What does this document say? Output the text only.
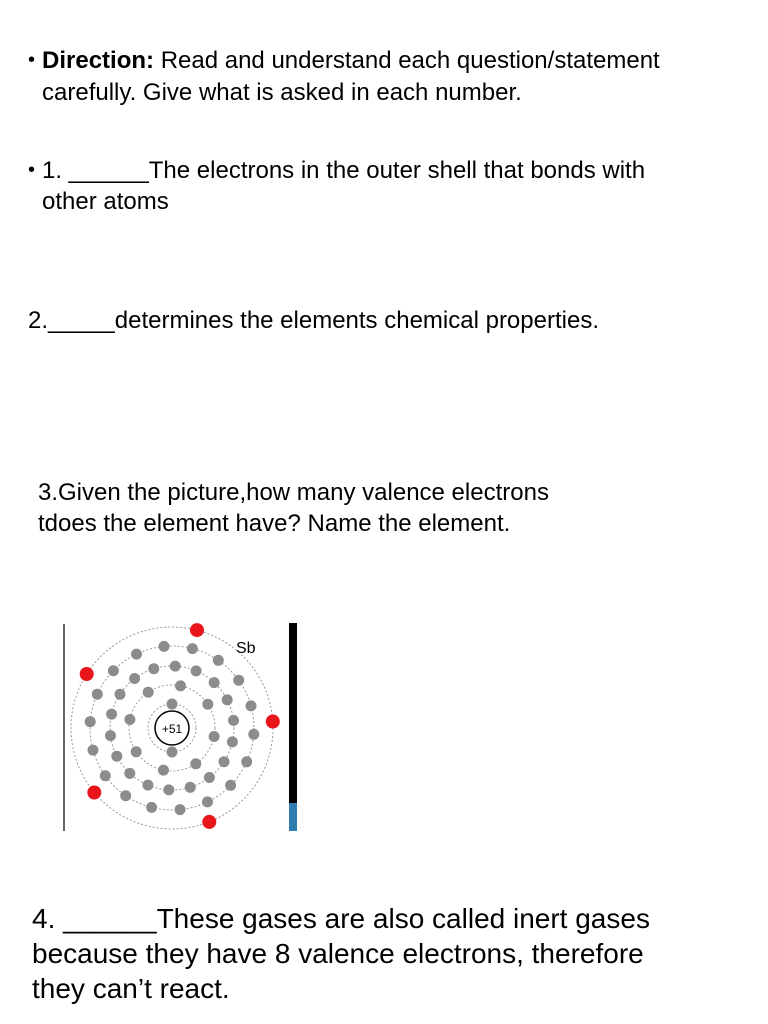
• Direction: Read and understand each question/statement
carefully. Give what is asked in each number.
• 1. ______The electrons in the outer shell that bonds with
other atoms
2._____determines the elements chemical properties.
3.Given the picture,how many valence electrons
tdoes the element have? Name the element.
+51
Sb
4. ______These gases are also called inert gases
because they have 8 valence electrons, therefore
they can’t react.
